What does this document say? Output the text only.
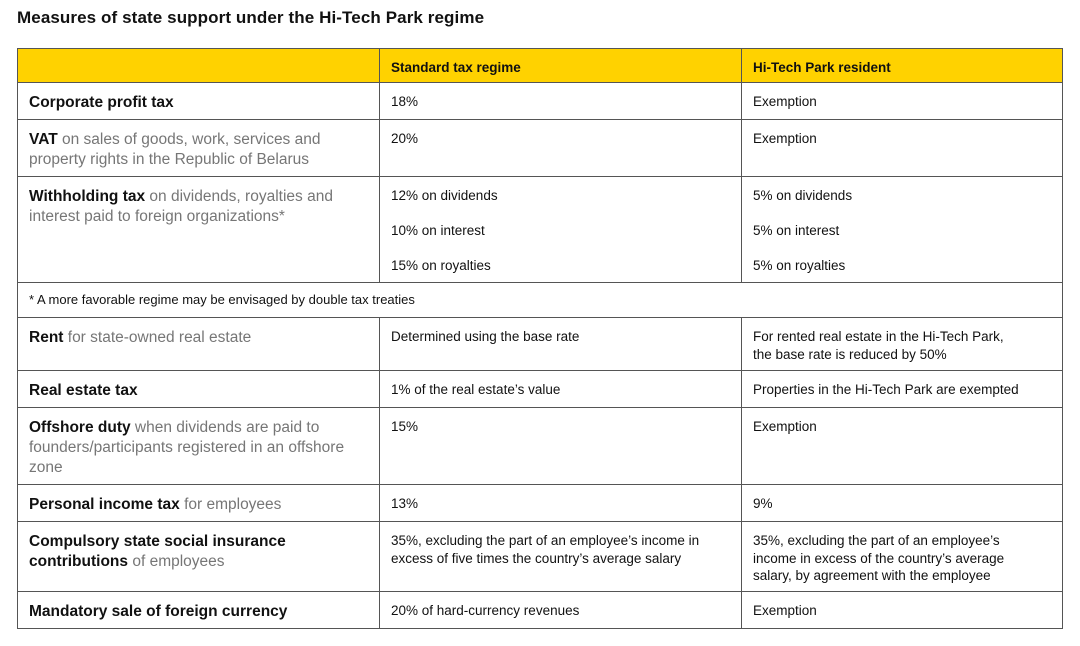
Measures of state support under the Hi-Tech Park regime
	Standard tax regime	Hi-Tech Park resident
Corporate profit tax	18%	Exemption

VAT on sales of goods, work, services and property rights in the Republic of Belarus	20%	Exemption

Withholding tax on dividends, royalties and interest paid to foreign organizations*	12% on dividends
10% on interest
15% on royalties	5% on dividends
5% on interest
5% on royalties

* A more favorable regime may be envisaged by double tax treaties		
Rent for state-owned real estate	Determined using the base rate	For rented real estate in the Hi-Tech Park,
the base rate is reduced by 50%

Real estate tax	1% of the real estate’s value	Properties in the Hi-Tech Park are exempted

Offshore duty when dividends are paid to founders/participants registered in an offshore zone	15%	Exemption

Personal income tax for employees	13%	9%

Compulsory state social insurance contributions of employees	35%, excluding the part of an employee’s income in
excess of five times the country’s average salary	35%, excluding the part of an employee’s
income in excess of the country’s average
salary, by agreement with the employee

Mandatory sale of foreign currency	20% of hard-currency revenues	Exemption
